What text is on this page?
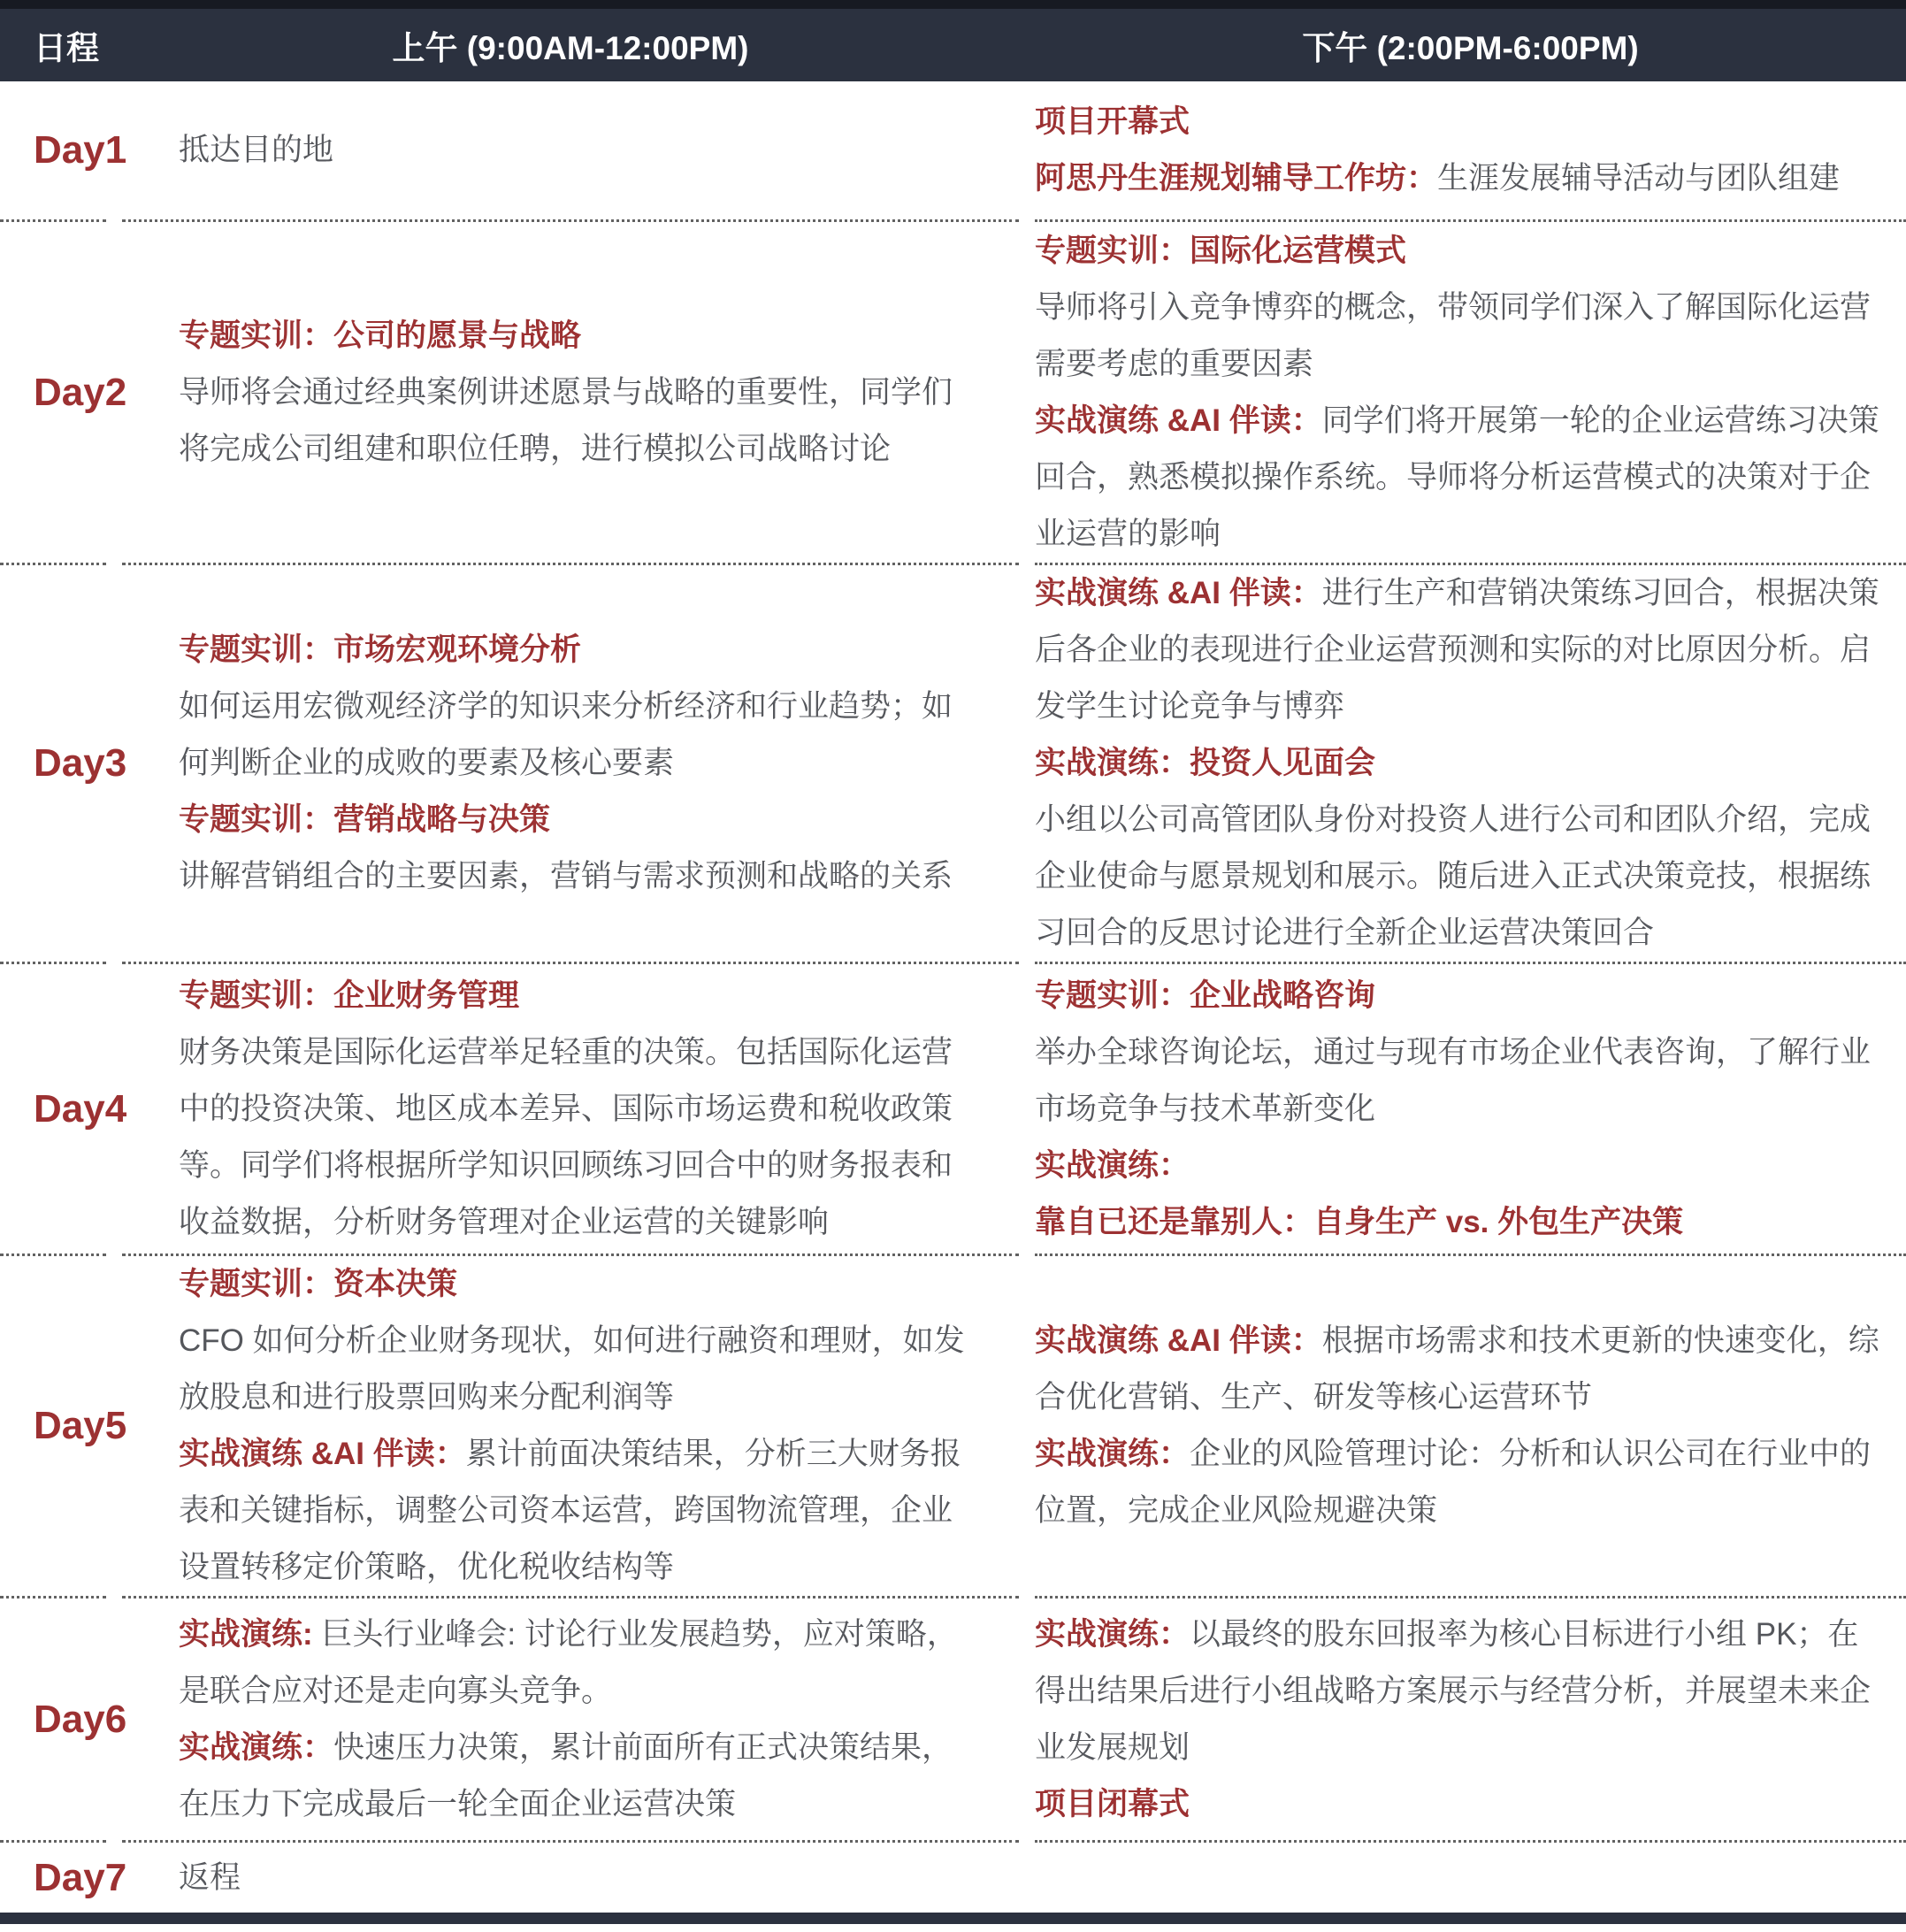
日程	上午 (9:00AM-12:00PM)	下午 (2:00PM-6:00PM)
Day1 抵达目的地

项目开幕式

阿思丹生涯规划辅导工作坊：生涯发展辅导活动与团队组建

Day2

专题实训：公司的愿景与战略

导师将会通过经典案例讲述愿景与战略的重要性，同学们将完成公司组建和职位任聘，进行模拟公司战略讨论

专题实训：国际化运营模式

导师将引入竞争博弈的概念，带领同学们深入了解国际化运营需要考虑的重要因素

实战演练 &AI 伴读：同学们将开展第一轮的企业运营练习决策回合，熟悉模拟操作系统。导师将分析运营模式的决策对于企业运营的影响

Day3

专题实训：市场宏观环境分析

如何运用宏微观经济学的知识来分析经济和行业趋势；如何判断企业的成败的要素及核心要素

专题实训：营销战略与决策

讲解营销组合的主要因素，营销与需求预测和战略的关系

实战演练 &AI 伴读：进行生产和营销决策练习回合，根据决策后各企业的表现进行企业运营预测和实际的对比原因分析。启发学生讨论竞争与博弈

实战演练：投资人见面会

小组以公司高管团队身份对投资人进行公司和团队介绍，完成企业使命与愿景规划和展示。随后进入正式决策竞技，根据练习回合的反思讨论进行全新企业运营决策回合

Day4

专题实训：企业财务管理

财务决策是国际化运营举足轻重的决策。包括国际化运营中的投资决策、地区成本差异、国际市场运费和税收政策等。同学们将根据所学知识回顾练习回合中的财务报表和收益数据，分析财务管理对企业运营的关键影响

专题实训：企业战略咨询

举办全球咨询论坛，通过与现有市场企业代表咨询，了解行业市场竞争与技术革新变化

实战演练：

靠自已还是靠别人：自身生产 vs. 外包生产决策

Day5

专题实训：资本决策

CFO 如何分析企业财务现状，如何进行融资和理财，如发放股息和进行股票回购来分配利润等

实战演练 &AI 伴读：累计前面决策结果，分析三大财务报表和关键指标，调整公司资本运营，跨国物流管理，企业设置转移定价策略，优化税收结构等

实战演练 &AI 伴读：根据市场需求和技术更新的快速变化，综合优化营销、生产、研发等核心运营环节

实战演练：企业的风险管理讨论：分析和认识公司在行业中的位置，完成企业风险规避决策

Day6

实战演练: 巨头行业峰会: 讨论行业发展趋势，应对策略，是联合应对还是走向寡头竞争。

实战演练：快速压力决策，累计前面所有正式决策结果，在压力下完成最后一轮全面企业运营决策

实战演练：以最终的股东回报率为核心目标进行小组 PK；在得出结果后进行小组战略方案展示与经营分析，并展望未来企业发展规划

项目闭幕式

Day7 返程
